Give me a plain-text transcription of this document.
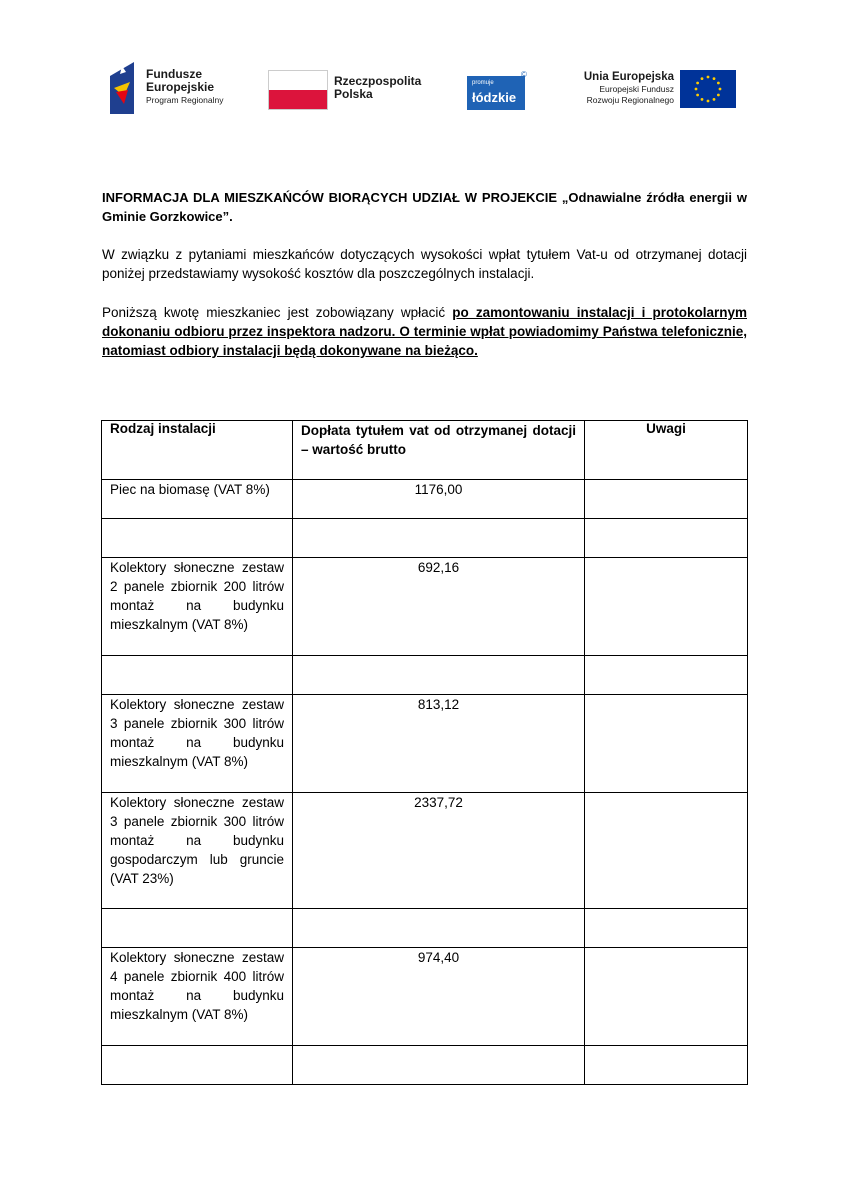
Fundusze
Europejskie
Program Regionalny
Rzeczpospolita
Polska
promuje
łódzkie
©	Unia Europejska
Europejski Fundusz
Rozwoju Regionalnego
INFORMACJA DLA MIESZKAŃCÓW BIORĄCYCH UDZIAŁ W PROJEKCIE „Odnawialne źródła energii w Gminie Gorzkowice”.
W związku z pytaniami mieszkańców dotyczących wysokości wpłat tytułem Vat-u od otrzymanej dotacji poniżej przedstawiamy wysokość kosztów dla poszczególnych instalacji.
Poniższą kwotę mieszkaniec jest zobowiązany wpłacić po zamontowaniu instalacji i protokolarnym dokonaniu odbioru przez inspektora nadzoru. O terminie wpłat powiadomimy Państwa telefonicznie, natomiast odbiory instalacji będą dokonywane na bieżąco.
Rodzaj instalacji	Dopłata tytułem vat od otrzymanej dotacji – wartość brutto	Uwagi
Piec na biomasę (VAT 8%)	1176,00	

Kolektory słoneczne zestaw 2 panele zbiornik 200 litrów montaż na budynku mieszkalnym (VAT 8%)	692,16	

Kolektory słoneczne zestaw 3 panele zbiornik 300 litrów montaż na budynku mieszkalnym (VAT 8%)	813,12	
Kolektory słoneczne zestaw 3 panele zbiornik 300 litrów montaż na budynku gospodarczym lub gruncie (VAT 23%)	2337,72	

Kolektory słoneczne zestaw 4 panele zbiornik 400 litrów montaż na budynku mieszkalnym (VAT 8%)	974,40	
